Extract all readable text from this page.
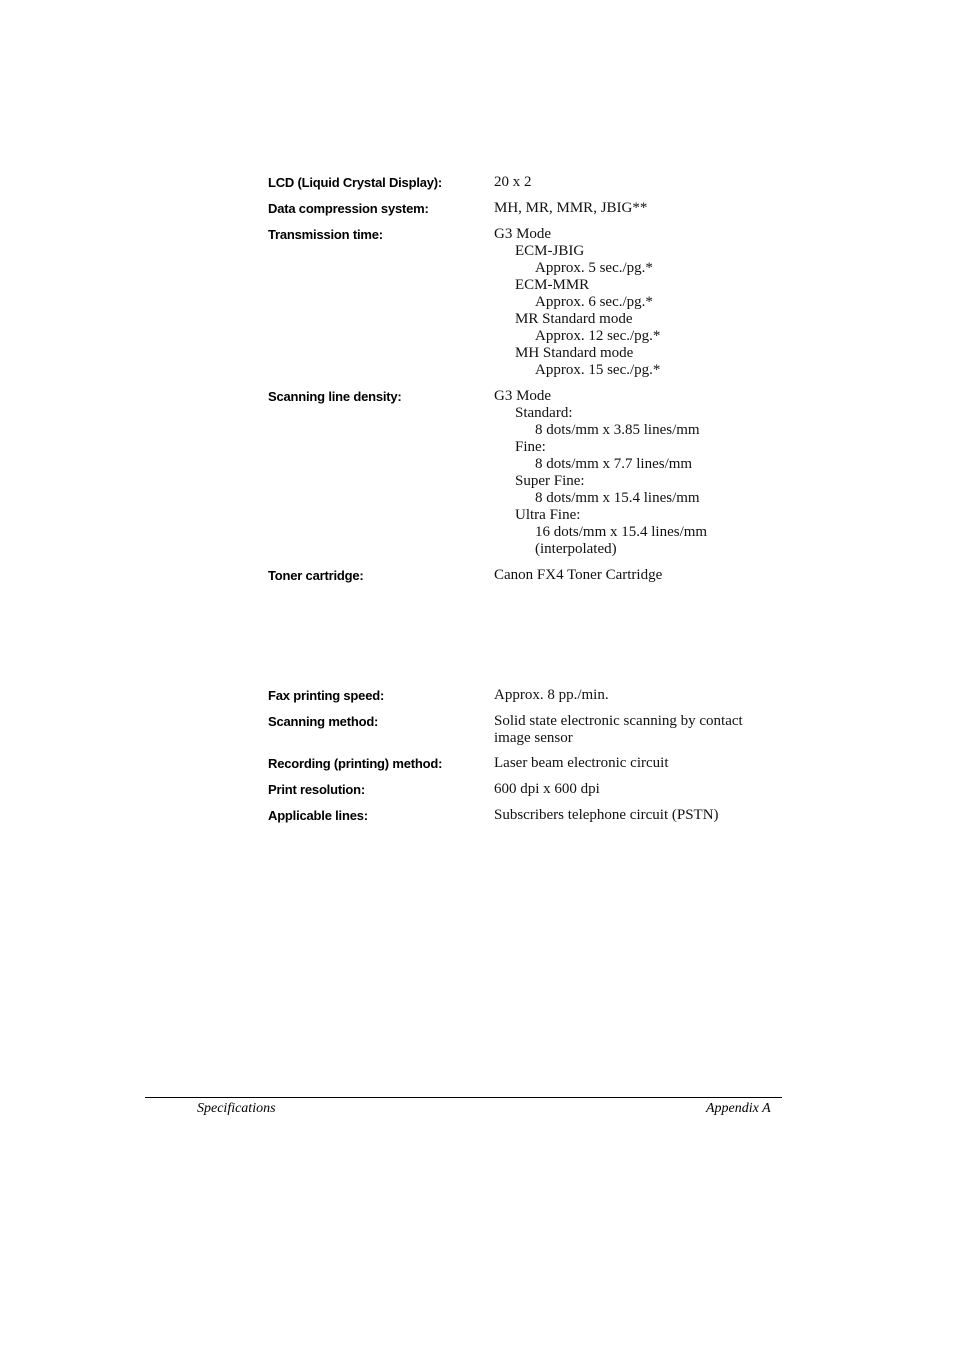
LCD (Liquid Crystal Display):	20 x 2
Data compression system:	MH, MR, MMR, JBIG**
Transmission time:	G3 Mode
ECM-JBIG
Approx. 5 sec./pg.*
ECM-MMR
Approx. 6 sec./pg.*
MR Standard mode
Approx. 12 sec./pg.*
MH Standard mode
Approx. 15 sec./pg.*
Scanning line density:	G3 Mode
Standard:
8 dots/mm x 3.85 lines/mm
Fine:
8 dots/mm x 7.7 lines/mm
Super Fine:
8 dots/mm x 15.4 lines/mm
Ultra Fine:
16 dots/mm x 15.4 lines/mm
(interpolated)
Toner cartridge:	Canon FX4 Toner Cartridge
Fax printing speed:	Approx. 8 pp./min.
Scanning method:	Solid state electronic scanning by contact
image sensor
Recording (printing) method:	Laser beam electronic circuit
Print resolution:	600 dpi x 600 dpi
Applicable lines:	Subscribers telephone circuit (PSTN)
Specifications	Appendix A
